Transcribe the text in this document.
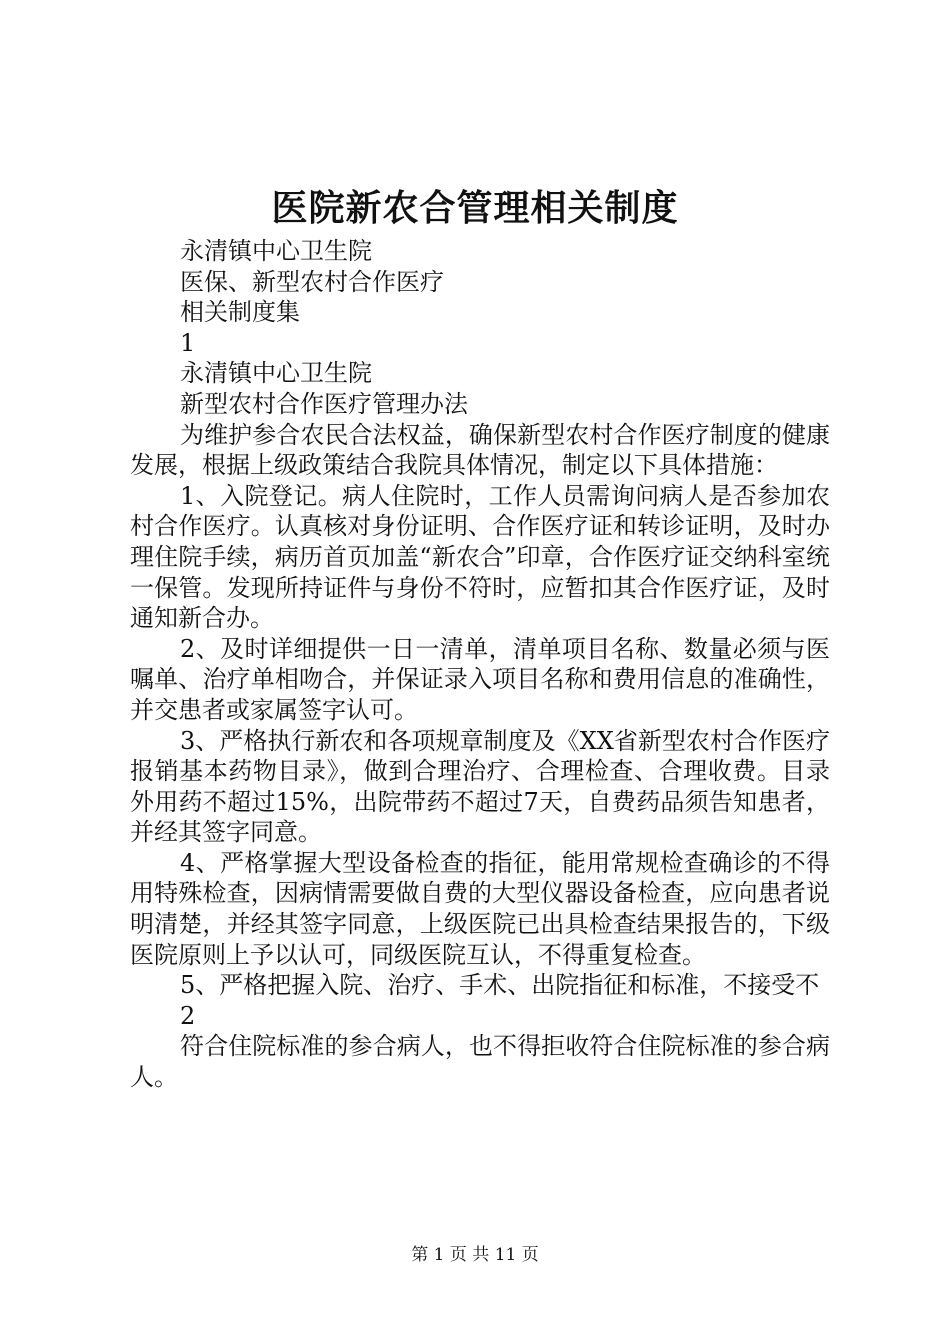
医院新农合管理相关制度

永清镇中心卫生院

医保、新型农村合作医疗

相关制度集

1

永清镇中心卫生院

新型农村合作医疗管理办法

为维护参合农民合法权益，确保新型农村合作医疗制度的健康发展，根据上级政策结合我院具体情况，制定以下具体措施：

1、入院登记。病人住院时，工作人员需询问病人是否参加农村合作医疗。认真核对身份证明、合作医疗证和转诊证明，及时办理住院手续，病历首页加盖“新农合”印章，合作医疗证交纳科室统一保管。发现所持证件与身份不符时，应暂扣其合作医疗证，及时通知新合办。

2、及时详细提供一日一清单，清单项目名称、数量必须与医嘱单、治疗单相吻合，并保证录入项目名称和费用信息的准确性，并交患者或家属签字认可。

3、严格执行新农和各项规章制度及《XX省新型农村合作医疗报销基本药物目录》，做到合理治疗、合理检查、合理收费。目录外用药不超过15%，出院带药不超过7天，自费药品须告知患者，并经其签字同意。

4、严格掌握大型设备检查的指征，能用常规检查确诊的不得用特殊检查，因病情需要做自费的大型仪器设备检查，应向患者说明清楚，并经其签字同意，上级医院已出具检查结果报告的，下级医院原则上予以认可，同级医院互认，不得重复检查。

5、严格把握入院、治疗、手术、出院指征和标准，不接受不

2

符合住院标准的参合病人，也不得拒收符合住院标准的参合病人。

第 1 页 共 11 页
